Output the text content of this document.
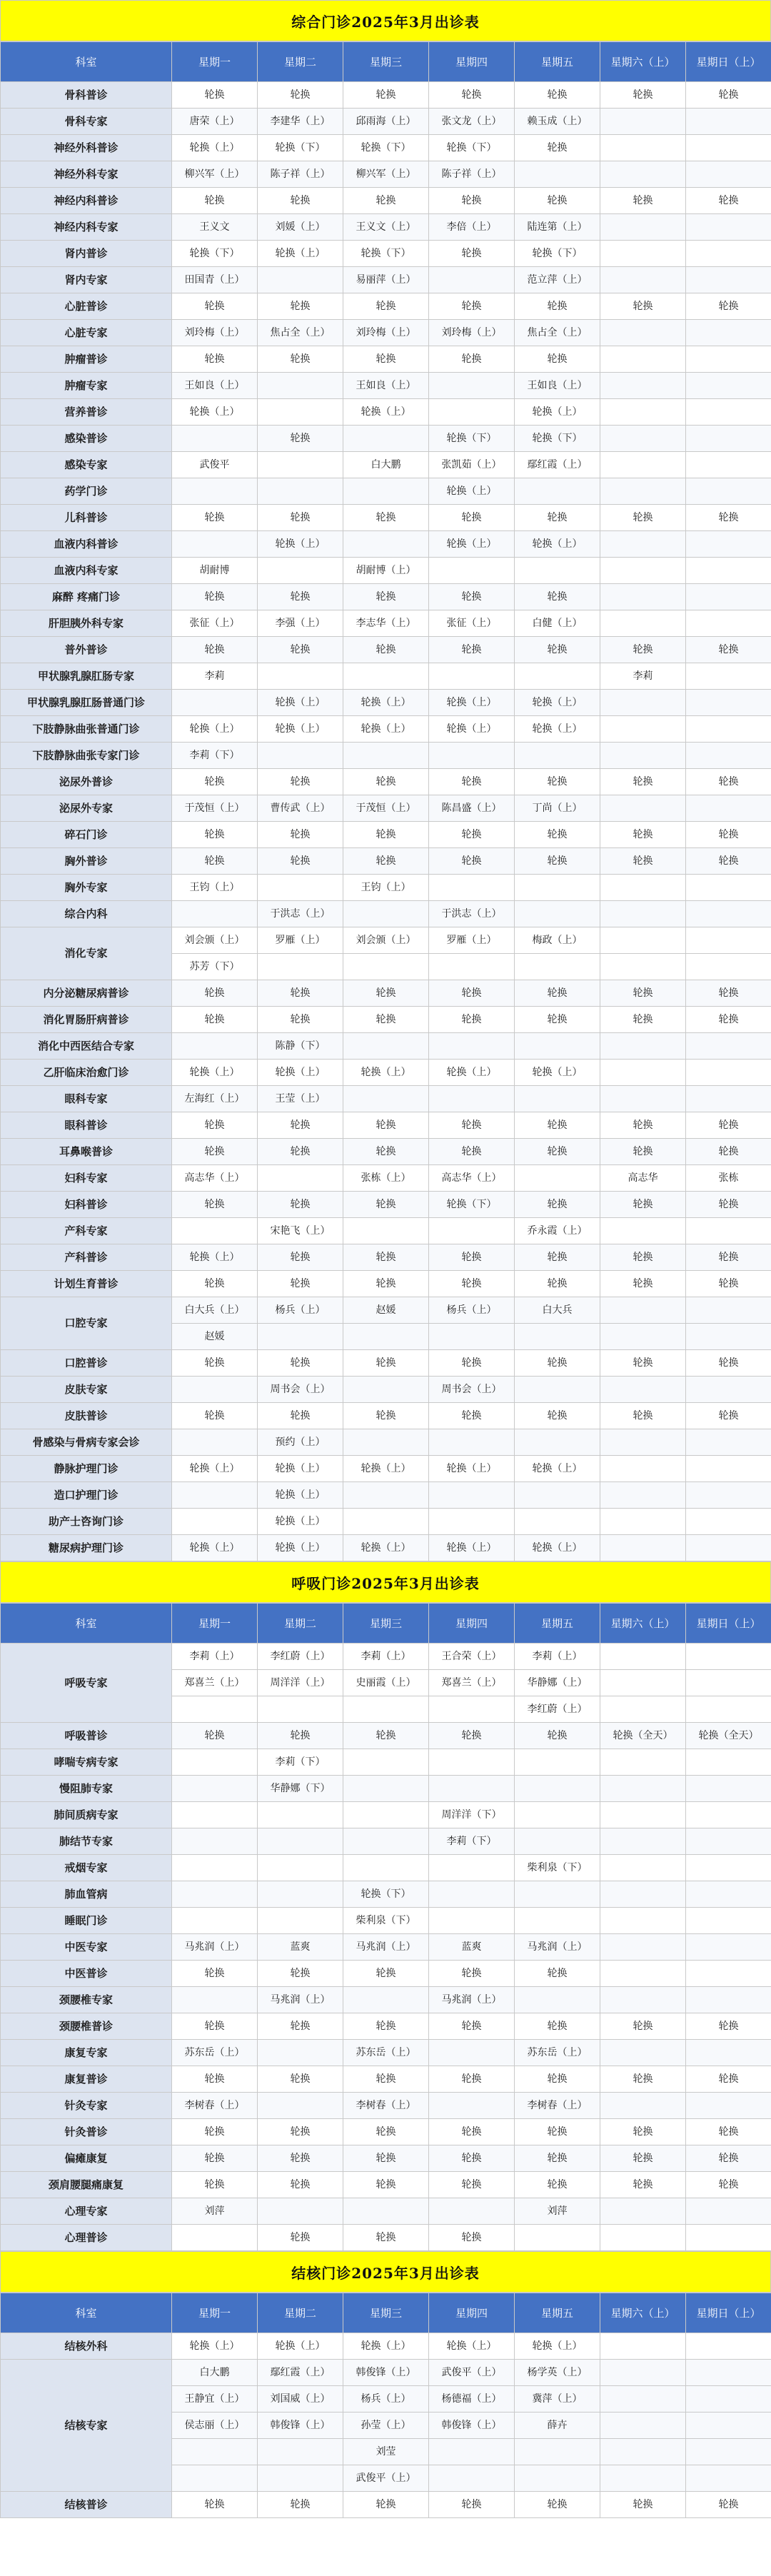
综合门诊2025年3月出诊表
科室	星期一	星期二	星期三	星期四	星期五	星期六（上）	星期日（上）
骨科普诊	轮换	轮换	轮换	轮换	轮换	轮换	轮换
骨科专家	唐荣（上）	李建华（上）	邱雨海（上）	张文龙（上）	赖玉成（上）		
神经外科普诊	轮换（上）	轮换（下）	轮换（下）	轮换（下）	轮换		
神经外科专家	柳兴军（上）	陈子祥（上）	柳兴军（上）	陈子祥（上）			
神经内科普诊	轮换	轮换	轮换	轮换	轮换	轮换	轮换
神经内科专家	王义文	刘媛（上）	王义文（上）	李倍（上）	陆连第（上）		
肾内普诊	轮换（下）	轮换（上）	轮换（下）	轮换	轮换（下）		
肾内专家	田国青（上）		易丽萍（上）		范立萍（上）		
心脏普诊	轮换	轮换	轮换	轮换	轮换	轮换	轮换
心脏专家	刘玲梅（上）	焦占全（上）	刘玲梅（上）	刘玲梅（上）	焦占全（上）		
肿瘤普诊	轮换	轮换	轮换	轮换	轮换		
肿瘤专家	王如良（上）		王如良（上）		王如良（上）		
营养普诊	轮换（上）		轮换（上）		轮换（上）		
感染普诊		轮换		轮换（下）	轮换（下）		
感染专家	武俊平		白大鹏	张凯茹（上）	鄢红霞（上）		
药学门诊				轮换（上）			
儿科普诊	轮换	轮换	轮换	轮换	轮换	轮换	轮换
血液内科普诊		轮换（上）		轮换（上）	轮换（上）		
血液内科专家	胡耐博		胡耐博（上）				
麻醉 疼痛门诊	轮换	轮换	轮换	轮换	轮换		
肝胆胰外科专家	张征（上）	李强（上）	李志华（上）	张征（上）	白健（上）		
普外普诊	轮换	轮换	轮换	轮换	轮换	轮换	轮换
甲状腺乳腺肛肠专家	李莉					李莉	
甲状腺乳腺肛肠普通门诊		轮换（上）	轮换（上）	轮换（上）	轮换（上）		
下肢静脉曲张普通门诊	轮换（上）	轮换（上）	轮换（上）	轮换（上）	轮换（上）		
下肢静脉曲张专家门诊	李莉（下）						
泌尿外普诊	轮换	轮换	轮换	轮换	轮换	轮换	轮换
泌尿外专家	于茂恒（上）	曹传武（上）	于茂恒（上）	陈昌盛（上）	丁尚（上）		
碎石门诊	轮换	轮换	轮换	轮换	轮换	轮换	轮换
胸外普诊	轮换	轮换	轮换	轮换	轮换	轮换	轮换
胸外专家	王钧（上）		王钧（上）				
综合内科		于洪志（上）		于洪志（上）			
消化专家	刘会颁（上）	罗雁（上）	刘会颁（上）	罗雁（上）	梅政（上）		
	苏芳（下）						
内分泌糖尿病普诊	轮换	轮换	轮换	轮换	轮换	轮换	轮换
消化胃肠肝病普诊	轮换	轮换	轮换	轮换	轮换	轮换	轮换
消化中西医结合专家		陈静（下）					
乙肝临床治愈门诊	轮换（上）	轮换（上）	轮换（上）	轮换（上）	轮换（上）		
眼科专家	左海红（上）	王莹（上）					
眼科普诊	轮换	轮换	轮换	轮换	轮换	轮换	轮换
耳鼻喉普诊	轮换	轮换	轮换	轮换	轮换	轮换	轮换
妇科专家	高志华（上）		张栋（上）	高志华（上）		高志华	张栋
妇科普诊	轮换	轮换	轮换	轮换（下）	轮换	轮换	轮换
产科专家		宋艳飞（上）			乔永霞（上）		
产科普诊	轮换（上）	轮换	轮换	轮换	轮换	轮换	轮换
计划生育普诊	轮换	轮换	轮换	轮换	轮换	轮换	轮换
口腔专家	白大兵（上）	杨兵（上）	赵媛	杨兵（上）	白大兵		
	赵媛						
口腔普诊	轮换	轮换	轮换	轮换	轮换	轮换	轮换
皮肤专家		周书会（上）		周书会（上）			
皮肤普诊	轮换	轮换	轮换	轮换	轮换	轮换	轮换
骨感染与骨病专家会诊		预约（上）					
静脉护理门诊	轮换（上）	轮换（上）	轮换（上）	轮换（上）	轮换（上）		
造口护理门诊		轮换（上）					
助产士咨询门诊		轮换（上）					
糖尿病护理门诊	轮换（上）	轮换（上）	轮换（上）	轮换（上）	轮换（上）		
呼吸门诊2025年3月出诊表
科室	星期一	星期二	星期三	星期四	星期五	星期六（上）	星期日（上）
呼吸专家	李莉（上）	李红蔚（上）	李莉（上）	王合荣（上）	李莉（上）		
	郑喜兰（上）	周洋洋（上）	史丽霞（上）	郑喜兰（上）	华静娜（上）		
					李红蔚（上）		
呼吸普诊	轮换	轮换	轮换	轮换	轮换	轮换（全天）	轮换（全天）
哮喘专病专家		李莉（下）					
慢阻肺专家		华静娜（下）					
肺间质病专家				周洋洋（下）			
肺结节专家				李莉（下）			
戒烟专家					柴利泉（下）		
肺血管病			轮换（下）				
睡眠门诊			柴利泉（下）				
中医专家	马兆润（上）	蓝爽	马兆润（上）	蓝爽	马兆润（上）		
中医普诊	轮换	轮换	轮换	轮换	轮换		
颈腰椎专家		马兆润（上）		马兆润（上）			
颈腰椎普诊	轮换	轮换	轮换	轮换	轮换	轮换	轮换
康复专家	苏东岳（上）		苏东岳（上）		苏东岳（上）		
康复普诊	轮换	轮换	轮换	轮换	轮换	轮换	轮换
针灸专家	李树春（上）		李树春（上）		李树春（上）		
针灸普诊	轮换	轮换	轮换	轮换	轮换	轮换	轮换
偏瘫康复	轮换	轮换	轮换	轮换	轮换	轮换	轮换
颈肩腰腿痛康复	轮换	轮换	轮换	轮换	轮换	轮换	轮换
心理专家	刘萍				刘萍		
心理普诊		轮换	轮换	轮换			
结核门诊2025年3月出诊表
科室	星期一	星期二	星期三	星期四	星期五	星期六（上）	星期日（上）
结核外科	轮换（上）	轮换（上）	轮换（上）	轮换（上）	轮换（上）		
结核专家	白大鹏	鄢红霞（上）	韩俊锋（上）	武俊平（上）	杨学英（上）		
	王静宜（上）	刘国威（上）	杨兵（上）	杨德福（上）	冀萍（上）		
	侯志丽（上）	韩俊锋（上）	孙莹（上）	韩俊锋（上）	薛卉		
			刘莹				
			武俊平（上）				
结核普诊	轮换	轮换	轮换	轮换	轮换	轮换	轮换
